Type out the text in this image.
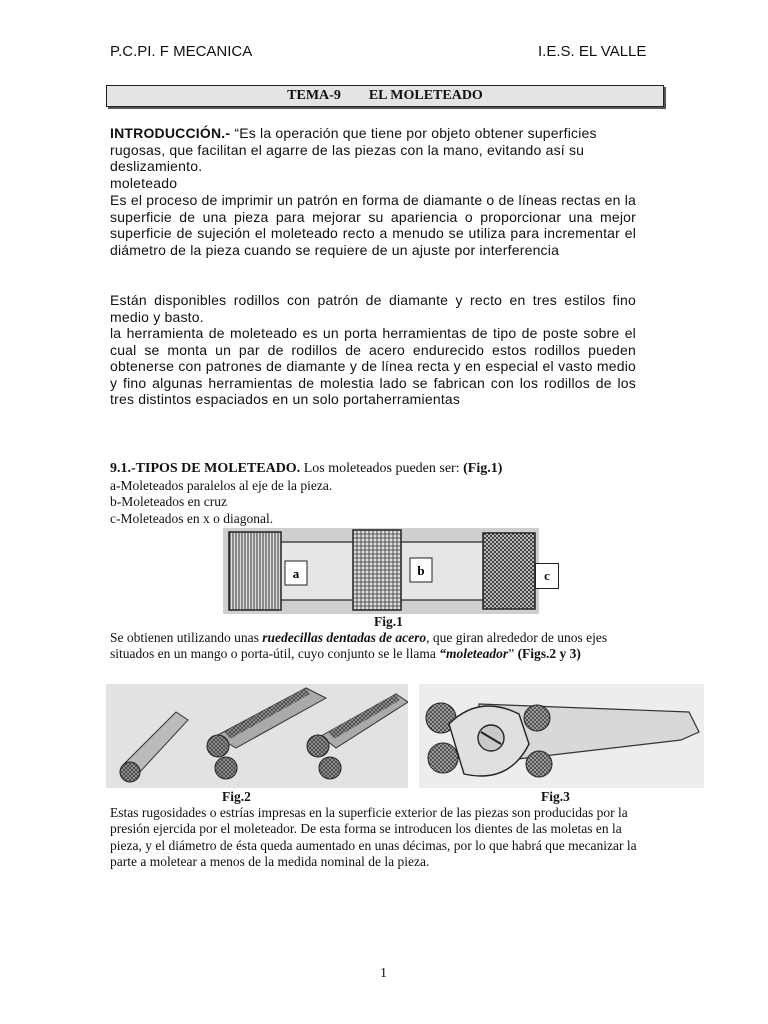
P.C.PI. F MECANICA	I.E.S. EL VALLE
TEMA-9 EL MOLETEADO
INTRODUCCIÓN.- “Es la operación que tiene por objeto obtener superficies rugosas, que facilitan el agarre de las piezas con la mano, evitando así su deslizamiento.
moleteado
Es el proceso de imprimir un patrón en forma de diamante o de líneas rectas en la superficie de una pieza para mejorar su apariencia o proporcionar una mejor superficie de sujeción el moleteado recto a menudo se utiliza para incrementar el diámetro de la pieza cuando se requiere de un ajuste por interferencia
Están disponibles rodillos con patrón de diamante y recto en tres estilos fino medio y basto.
la herramienta de moleteado es un porta herramientas de tipo de poste sobre el cual se monta un par de rodillos de acero endurecido estos rodillos pueden obtenerse con patrones de diamante y de línea recta y en especial el vasto medio y fino algunas herramientas de molestia lado se fabrican con los rodillos de los tres distintos espaciados en un solo portaherramientas
9.1.-TIPOS DE MOLETEADO. Los moleteados pueden ser: (Fig.1)
a-Moleteados paralelos al eje de la pieza.
b-Moleteados en cruz
c-Moleteados en x o diagonal.
a	b	c
Fig.1
Se obtienen utilizando unas ruedecillas dentadas de acero, que giran alrededor de unos ejes situados en un mango o porta-útil, cuyo conjunto se le llama “moleteador” (Figs.2 y 3)
Fig.2	Fig.3
Estas rugosidades o estrías impresas en la superficie exterior de las piezas son producidas por la presión ejercida por el moleteador. De esta forma se introducen los dientes de las moletas en la pieza, y el diámetro de ésta queda aumentado en unas décimas, por lo que habrá que mecanizar la parte a moletear a menos de la medida nominal de la pieza.
1
